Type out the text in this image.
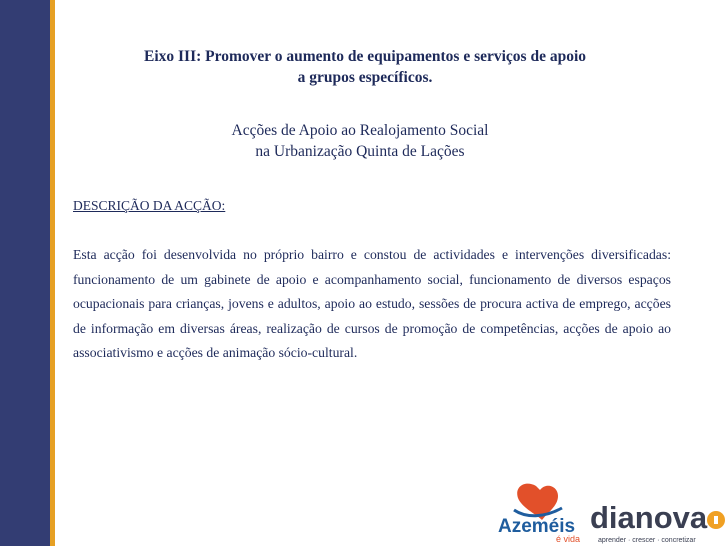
Eixo III: Promover o aumento de equipamentos e serviços de apoio
a grupos específicos.
Acções de Apoio ao Realojamento Social
na Urbanização Quinta de Lações
DESCRIÇÃO DA ACÇÃO:
Esta acção foi desenvolvida no próprio bairro e constou de actividades e intervenções diversificadas: funcionamento de um gabinete de apoio e acompanhamento social, funcionamento de diversos espaços ocupacionais para crianças, jovens e adultos, apoio ao estudo, sessões de procura activa de emprego, acções de informação em diversas áreas, realização de cursos de promoção de competências, acções de apoio ao associativismo e acções de animação sócio-cultural.
Azeméis
é vida
dianova
aprender · crescer · concretizar
